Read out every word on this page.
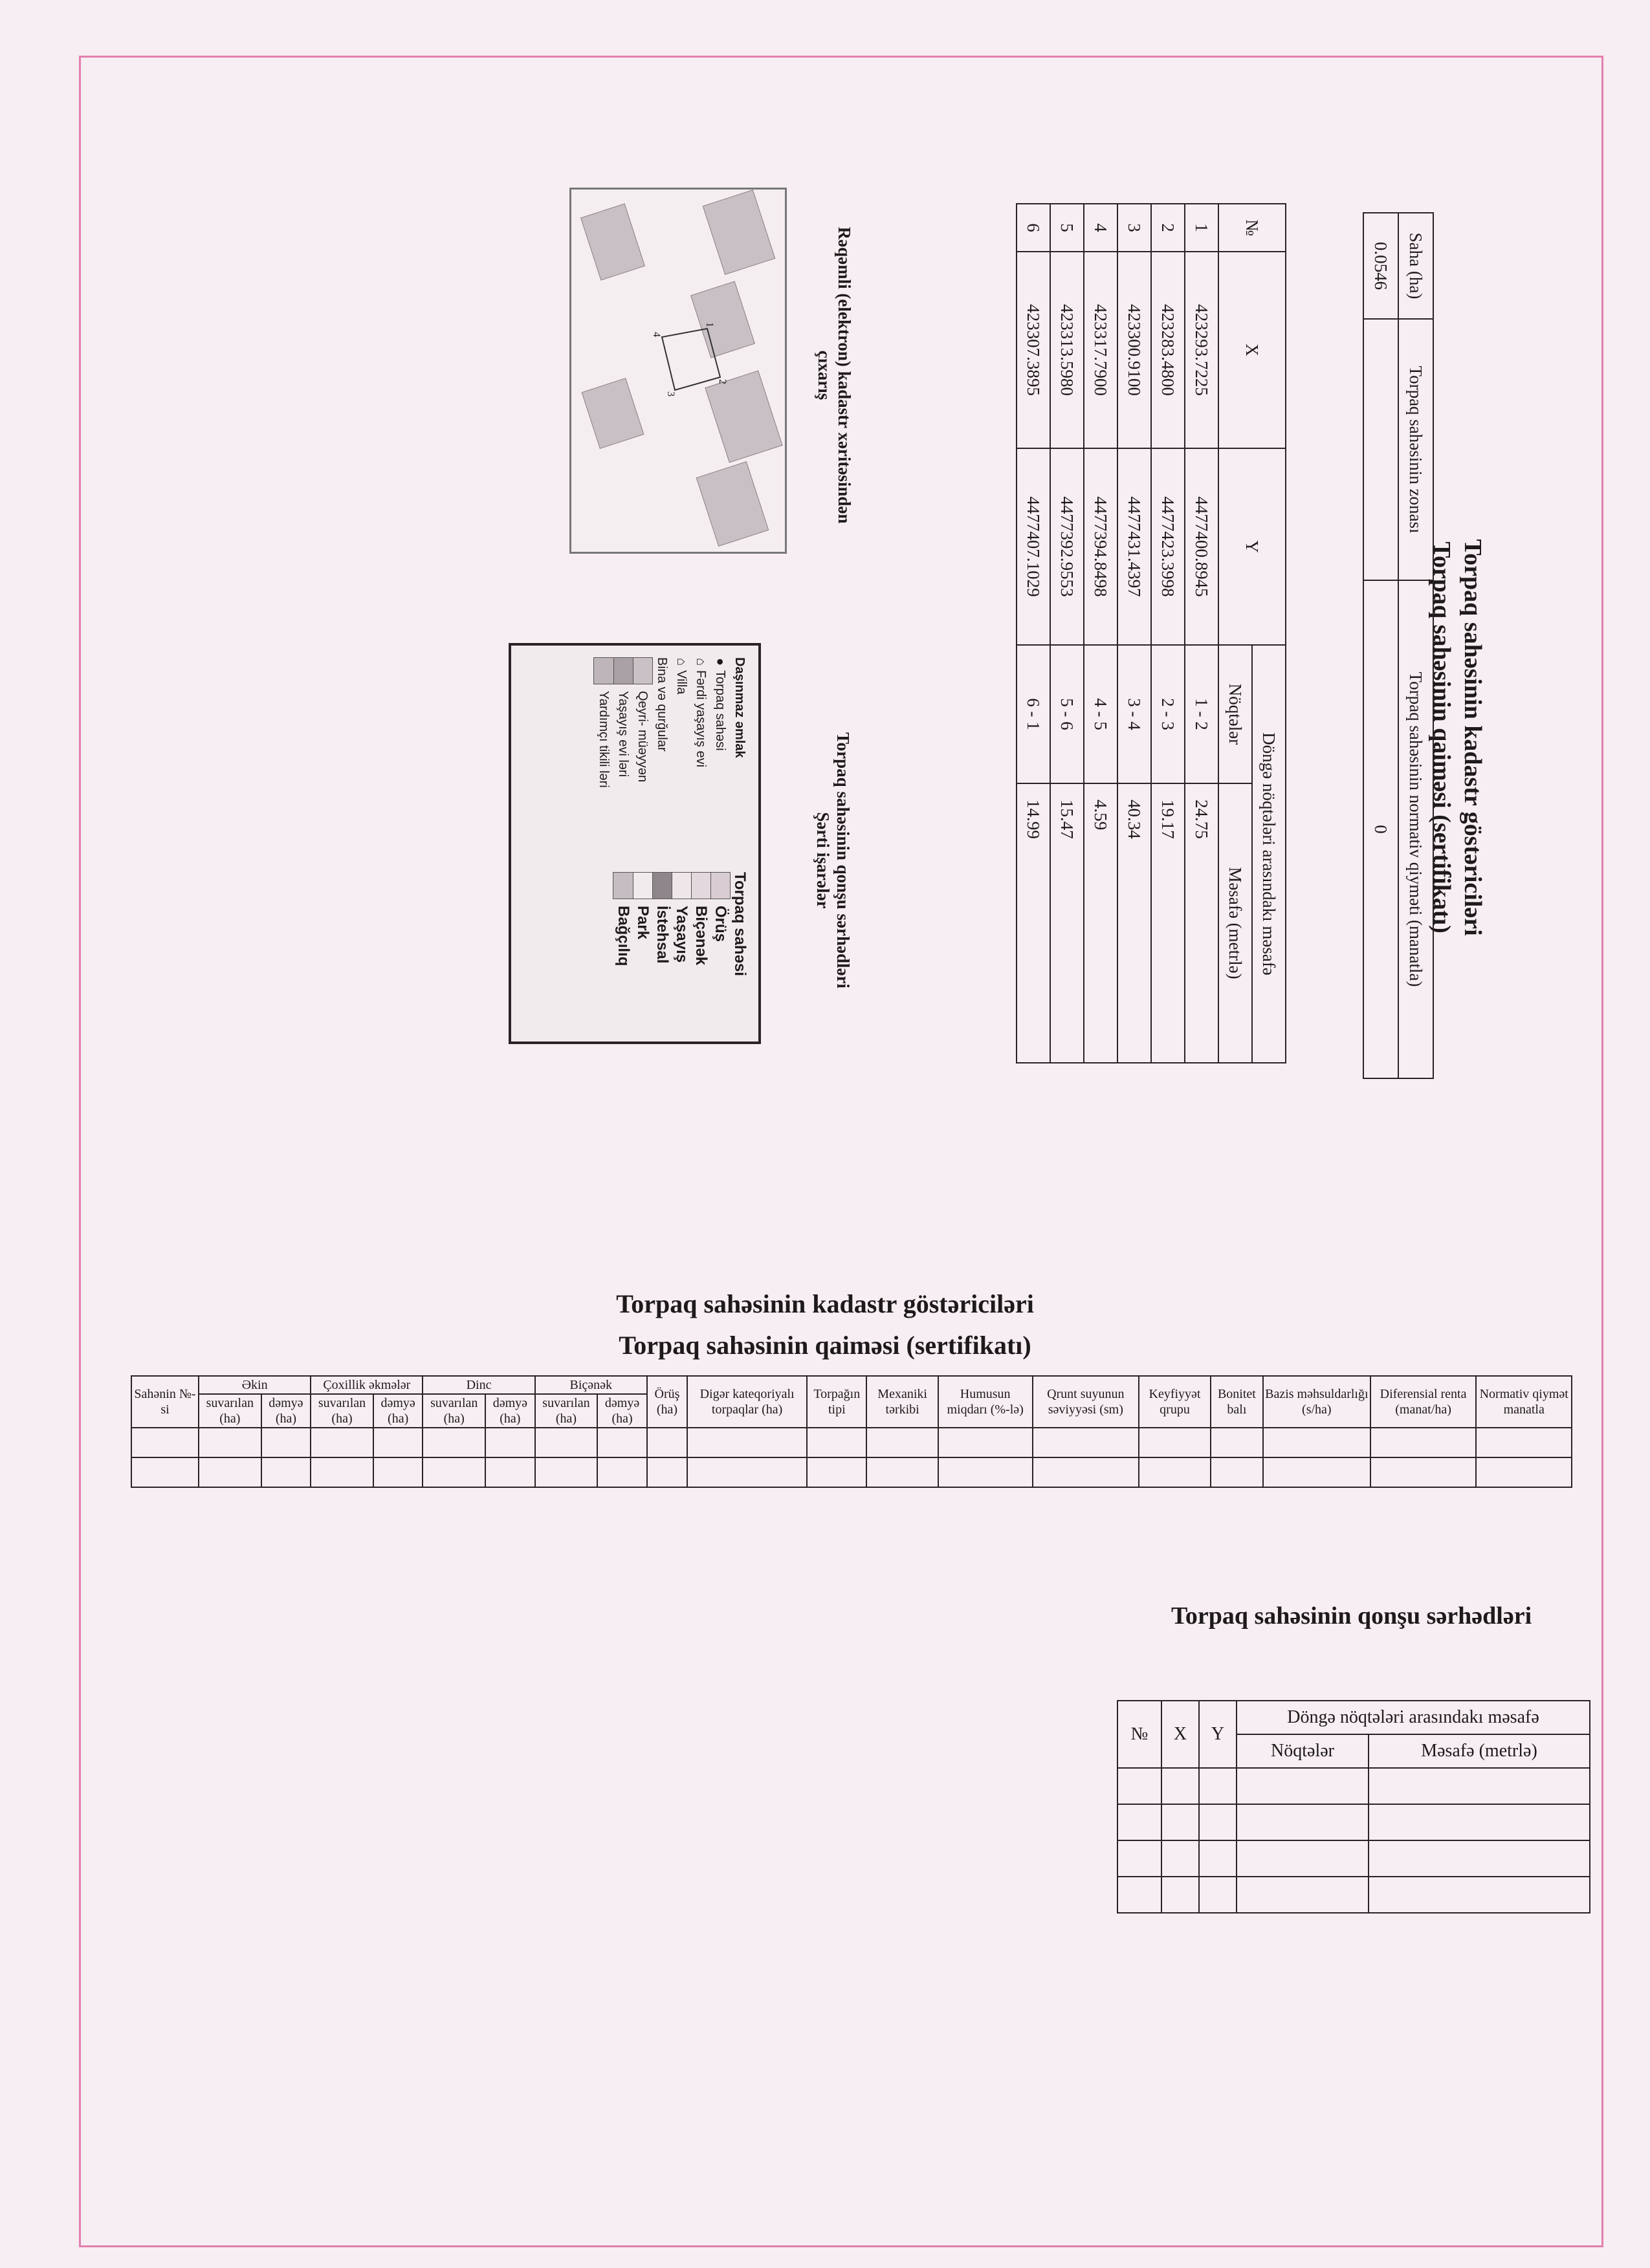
Torpaq sahəsinin kadastr göstəriciləri
Torpaq sahəsinin qaiməsi (sertifikatı)
Saha (ha)	Torpaq sahəsinin zonası	Torpaq sahəsinin normativ qiyməti (manatla)
0.0546		0
№	X	Y	Döngə nöqtələri arasındakı məsafə	
			Nöqtələr	Məsafə (metrlə)
1	423293.7225	4477400.8945	1 - 2	24.75
2	423283.4800	4477423.3998	2 - 3	19.17
3	423300.9100	4477431.4397	3 - 4	40.34
4	423317.7900	4477394.8498	4 - 5	4.59
5	423313.5980	4477392.9553	5 - 6	15.47
6	423307.3895	4477407.1029	6 - 1	14.99
1
2
3
4	Rəqəmli (elektron) kadastr xəritəsindən
çıxarış
Torpaq sahəsinin qonşu sərhədləri
Şərti işarələr
Daşınmaz əmlak
●
Torpaq sahəsi
⌂
Fərdi yaşayış evi
⌂
Villa
Bina və qurğular
Qeyri- müəyyən
Yaşayış evi ləri
Yardımçı tikili ləri
Torpaq sahəsi
Örüş
Biçənək
Yaşayış
İstehsal
Park
Bağçılıq
Torpaq sahəsinin kadastr göstəriciləri
Torpaq sahəsinin qaiməsi (sertifikatı)
Sahənin №-si	Əkin		Çoxillik əkmələr		Dinc		Biçənək		Örüş (ha)	Digər kateqoriyalı torpaqlar (ha)	Torpağın tipi	Mexaniki tərkibi	Humusun miqdarı (%-lə)	Qrunt suyunun səviyyəsi (sm)	Keyfiyyət qrupu	Bonitet balı	Bazis məhsuldarlığı (s/ha)	Diferensial renta (manat/ha)	Normativ qiymət manatla
	suvarılan (ha)	dəmyə (ha)	suvarılan (ha)	dəmyə (ha)	suvarılan (ha)	dəmyə (ha)	suvarılan (ha)	dəmyə (ha)											

Torpaq sahəsinin qonşu sərhədləri
№	X	Y	Döngə nöqtələri arasındakı məsafə	
			Nöqtələr	Məsafə (metrlə)
